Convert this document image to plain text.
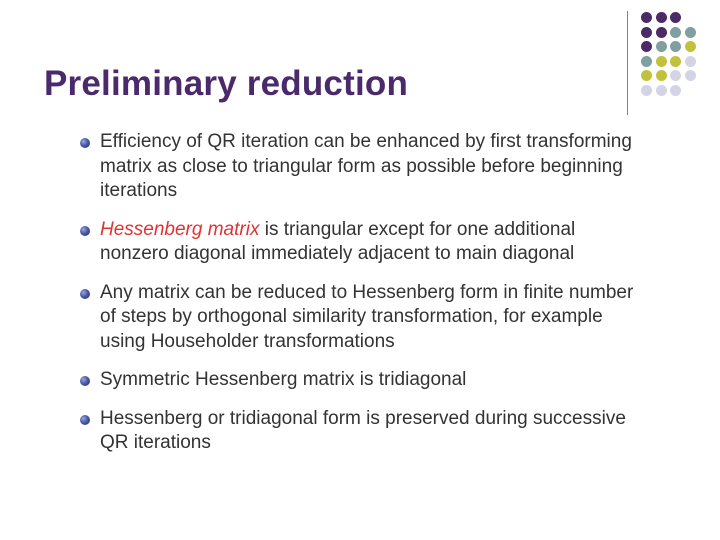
Preliminary reduction
Efficiency of QR iteration can be enhanced by first transforming matrix as close to triangular form as possible before beginning iterations
Hessenberg matrix is triangular except for one additional nonzero diagonal immediately adjacent to main diagonal
Any matrix can be reduced to Hessenberg form in finite number of steps by orthogonal similarity transformation, for example using Householder transformations
Symmetric Hessenberg matrix is tridiagonal
Hessenberg or tridiagonal form is preserved during successive QR iterations
